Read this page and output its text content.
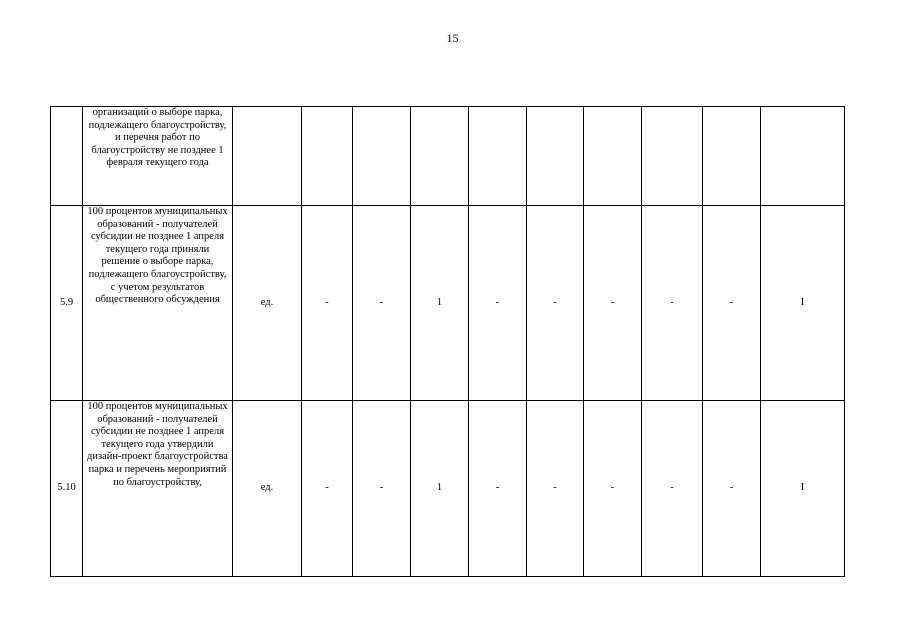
15
	организаций о выборе парка, подлежащего благоустройству, и перечня работ по благоустройству не позднее 1 февраля текущего года										
5.9	100 процентов муниципальных образований - получателей субсидии не позднее 1 апреля текущего года приняли решение о выборе парка, подлежащего благоустройству, с учетом результатов общественного обсуждения	ед.	-	-	1	-	-	-	-	-	I
5.10	100 процентов муниципальных образований - получателей субсидии не позднее 1 апреля текущего года утвердили дизайн-проект благоустройства парка и перечень мероприятий по благоустройству,	ед.	-	-	1	-	-	-	-	-	I
